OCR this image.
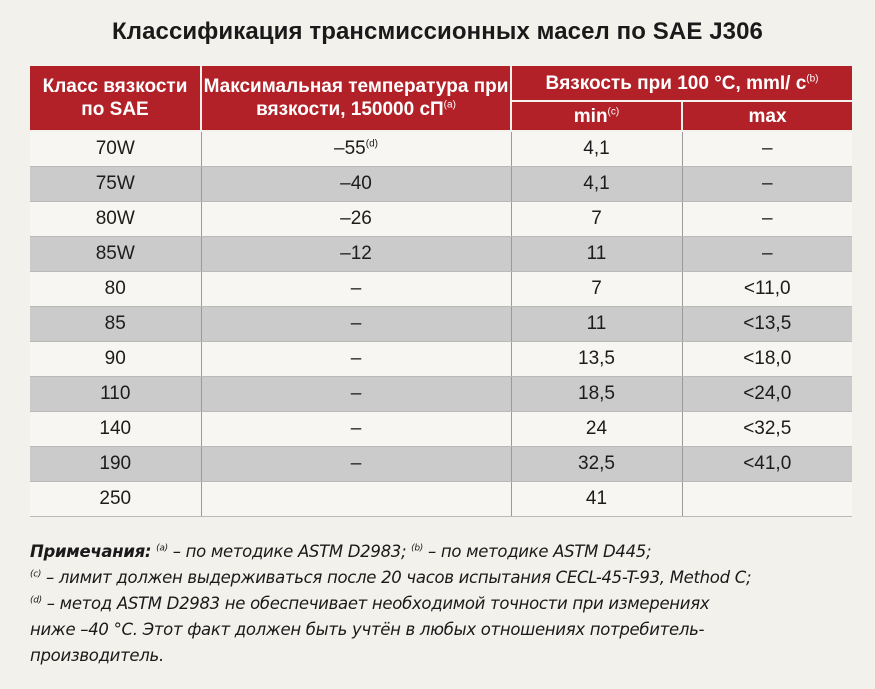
Классификация трансмиссионных масел по SAE J306
Класс вязкости по SAE	Максимальная температура при вязкости, 150000 $сП^{(a)}$	Вязкость при 100 °С, mmI/ $с^{(b)}$
		$\min^{(c)}$	max
70W	–55$^{(d)}$	4,1	–
75W	–40	4,1	–
80W	–26	7	–
85W	–12	11	–
80	–	7	<11,0
85	–	11	<13,5
90	–	13,5	<18,0
110	–	18,5	<24,0
140	–	24	<32,5
190	–	32,5	<41,0
250		41	

Примечания: $^{(a)}$ – по методике ASTM D2983; $^{(b)}$ – по методике ASTM D445;

$^{(c)}$ – лимит должен выдерживаться после 20 часов испытания CECL-45-T-93, Method C;

$^{(d)}$ – метод ASTM D2983 не обеспечивает необходимой точности при измерениях

ниже –40 °С. Этот факт должен быть учтён в любых отношениях потребитель-

производитель.
